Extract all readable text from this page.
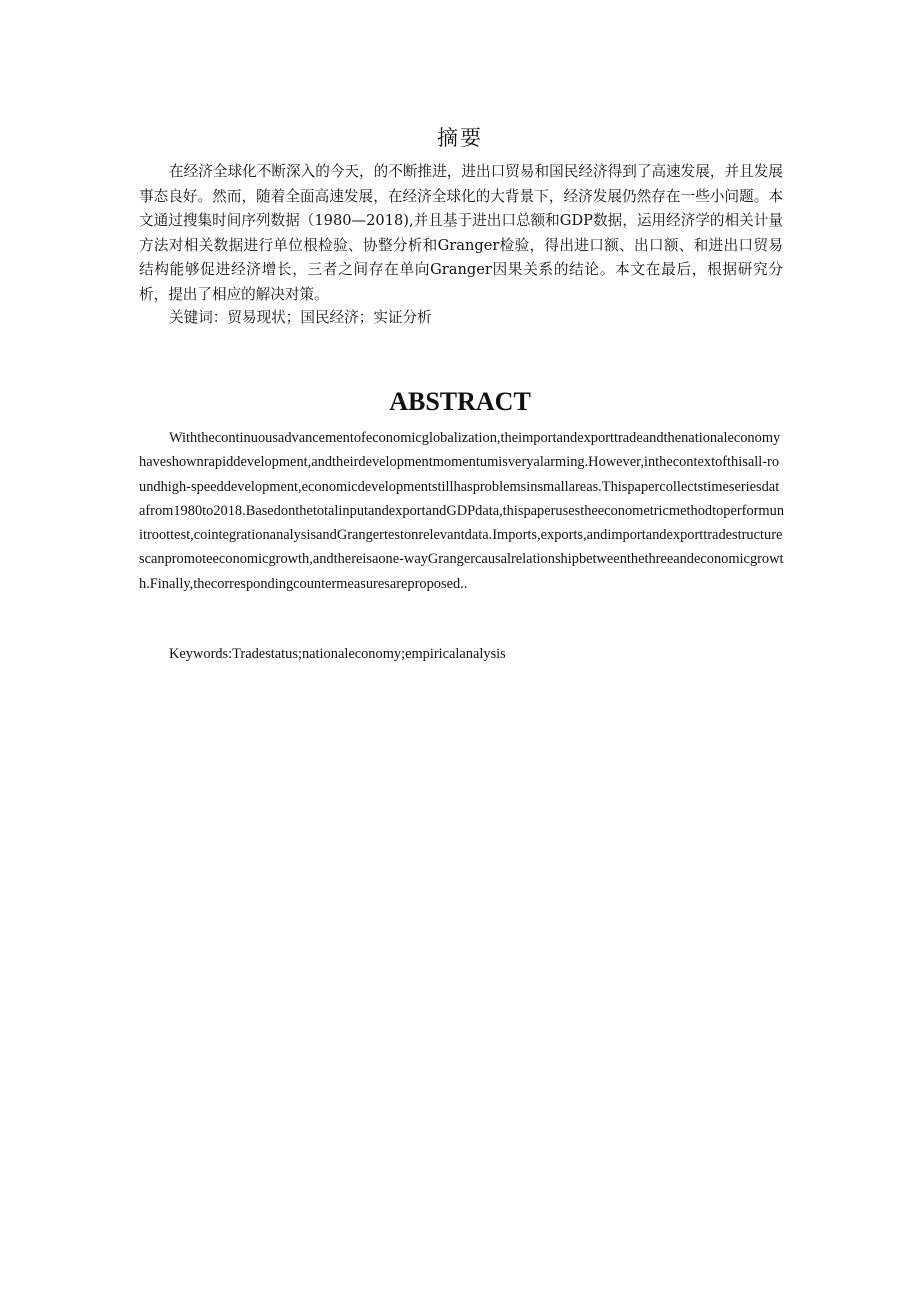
摘要

在经济全球化不断深入的今天，的不断推进，进出口贸易和国民经济得到了高速发展，并且发展事态良好。然而，随着全面高速发展，在经济全球化的大背景下，经济发展仍然存在一些小问题。本文通过搜集时间序列数据（1980—2018),并且基于进出口总额和GDP数据，运用经济学的相关计量方法对相关数据进行单位根检验、协整分析和Granger检验，得出进口额、出口额、和进出口贸易结构能够促进经济增长，三者之间存在单向Granger因果关系的结论。本文在最后，根据研究分析，提出了相应的解决对策。

关键词：贸易现状；国民经济；实证分析
ABSTRACT

Withthecontinuousadvancementofeconomicglobalization,theimportandexporttradeandthenationaleconomyhaveshownrapiddevelopment,andtheirdevelopmentmomentumisveryalarming.However,inthecontextofthisall-roundhigh-speeddevelopment,economicdevelopmentstillhasproblemsinsmallareas.Thispapercollectstimeseriesdatafrom1980to2018.BasedonthetotalinputandexportandGDPdata,thispaperusestheeconometricmethodtoperformunitroottest,cointegrationanalysisandGrangertestonrelevantdata.Imports,exports,andimportandexporttradestructurescanpromoteeconomicgrowth,andthereisaone-wayGrangercausalrelationshipbetweenthethreeandeconomicgrowth.Finally,thecorrespondingcountermeasuresareproposed..

Keywords:Tradestatus;nationaleconomy;empiricalanalysis
